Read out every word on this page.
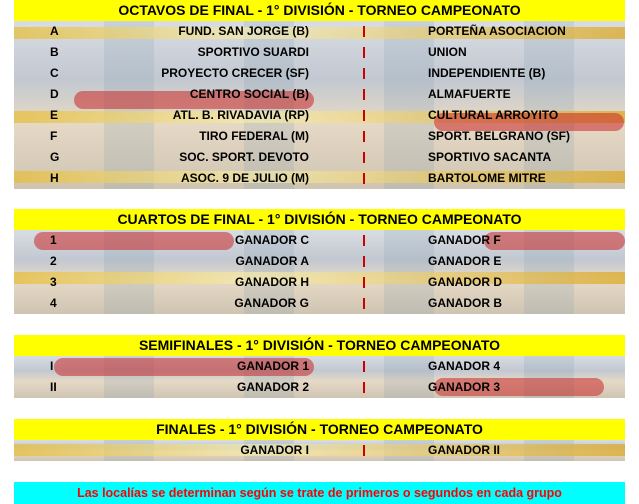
OCTAVOS DE FINAL - 1° DIVISIÓN - TORNEO CAMPEONATO
A	FUND. SAN JORGE (B)	PORTEÑA ASOCIACION
B	SPORTIVO SUARDI	UNION
C	PROYECTO CRECER (SF)	INDEPENDIENTE (B)
D	CENTRO SOCIAL (B)	ALMAFUERTE
E	ATL. B. RIVADAVIA (RP)	CULTURAL ARROYITO
F	TIRO FEDERAL (M)	SPORT. BELGRANO (SF)
G	SOC. SPORT. DEVOTO	SPORTIVO SACANTA
H	ASOC. 9 DE JULIO (M)	BARTOLOME MITRE
CUARTOS DE FINAL - 1° DIVISIÓN - TORNEO CAMPEONATO
1	GANADOR C	GANADOR F
2	GANADOR A	GANADOR E
3	GANADOR H	GANADOR D
4	GANADOR G	GANADOR B
SEMIFINALES - 1° DIVISIÓN - TORNEO CAMPEONATO
I	GANADOR 1	GANADOR 4
II	GANADOR 2	GANADOR 3
FINALES - 1° DIVISIÓN - TORNEO CAMPEONATO
GANADOR I	GANADOR II
Las localías se determinan según se trate de primeros o segundos en cada grupo
